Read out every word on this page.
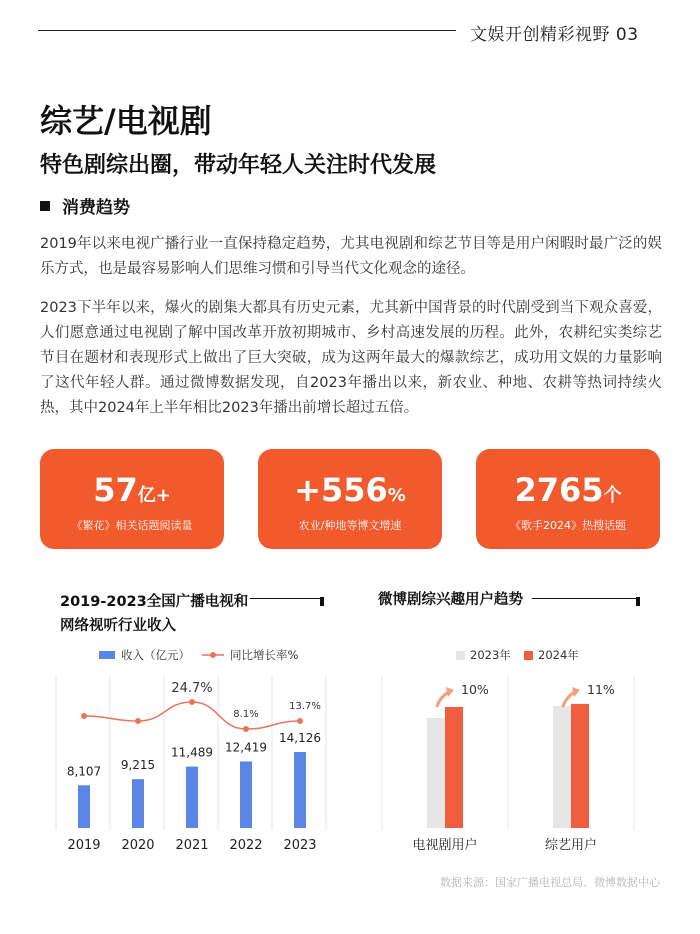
文娱开创精彩视野 03
综艺/电视剧
特色剧综出圈，带动年轻人关注时代发展
消费趋势

2019年以来电视广播行业一直保持稳定趋势，尤其电视剧和综艺节目等是用户闲暇时最广泛的娱乐方式，也是最容易影响人们思维习惯和引导当代文化观念的途径。

2023下半年以来，爆火的剧集大都具有历史元素，尤其新中国背景的时代剧受到当下观众喜爱，人们愿意通过电视剧了解中国改革开放初期城市、乡村高速发展的历程。此外，农耕纪实类综艺节目在题材和表现形式上做出了巨大突破，成为这两年最大的爆款综艺，成功用文娱的力量影响了这代年轻人群。通过微博数据发现，自2023年播出以来，新农业、种地、农耕等热词持续火热，其中2024年上半年相比2023年播出前增长超过五倍。

57亿+
《繁花》相关话题阅读量
+556%
农业/种地等博文增速
2765个
《歌手2024》热搜话题
2019-2023全国广播电视和
网络视听行业收入
微博剧综兴趣用户趋势
收入（亿元）	同比增长率%
8,107
2019
9,215
2020
11,489
2021
12,419
2022
14,126
2023
24.7%
8.1%
13.7%
2023年 2024年
10%
电视剧用户
11%
综艺用户
数据来源：国家广播电视总局、微博数据中心
